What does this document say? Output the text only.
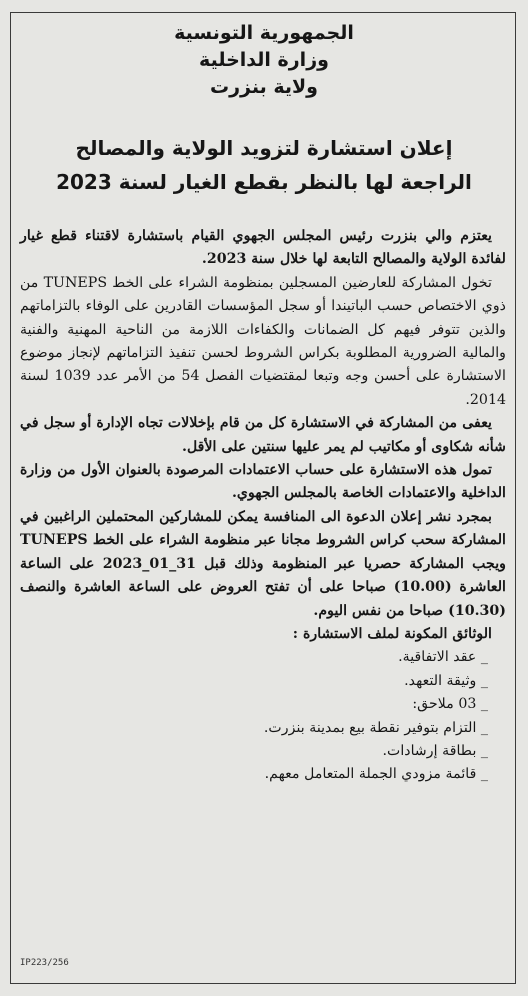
الجمهورية التونسية
وزارة الداخلية
ولاية بنزرت
إعلان استشارة لتزويد الولاية والمصالح الراجعة لها بالنظر بقطع الغيار لسنة 2023

يعتزم والي بنزرت رئيس المجلس الجهوي القيام باستشارة لاقتناء قطع غيار لفائدة الولاية والمصالح التابعة لها خلال سنة 2023.

تخول المشاركة للعارضين المسجلين بمنظومة الشراء على الخط TUNEPS من ذوي الاختصاص حسب الباتيندا أو سجل المؤسسات القادرين على الوفاء بالتزاماتهم والذين تتوفر فيهم كل الضمانات والكفاءات اللازمة من الناحية المهنية والفنية والمالية الضرورية المطلوبة بكراس الشروط لحسن تنفيذ التزاماتهم لإنجاز موضوع الاستشارة على أحسن وجه وتبعا لمقتضيات الفصل 54 من الأمر عدد 1039 لسنة 2014.

يعفى من المشاركة في الاستشارة كل من قام بإخلالات تجاه الإدارة أو سجل في شأنه شكاوى أو مكاتيب لم يمر عليها سنتين على الأقل.

تمول هذه الاستشارة على حساب الاعتمادات المرصودة بالعنوان الأول من وزارة الداخلية والاعتمادات الخاصة بالمجلس الجهوي.

بمجرد نشر إعلان الدعوة الى المنافسة يمكن للمشاركين المحتملين الراغبين في المشاركة سحب كراس الشروط مجانا عبر منظومة الشراء على الخط TUNEPS ويجب المشاركة حصريا عبر المنظومة وذلك قبل 31_01_2023 على الساعة العاشرة (10.00) صباحا على أن تفتح العروض على الساعة العاشرة والنصف (10.30) صباحا من نفس اليوم.

الوثائق المكونة لملف الاستشارة :

_ عقد الاتفاقية.
_ وثيقة التعهد.
_ 03 ملاحق:
_ التزام بتوفير نقطة بيع بمدينة بنزرت.
_ بطاقة إرشادات.
_ قائمة مزودي الجملة المتعامل معهم.
IP223/256
